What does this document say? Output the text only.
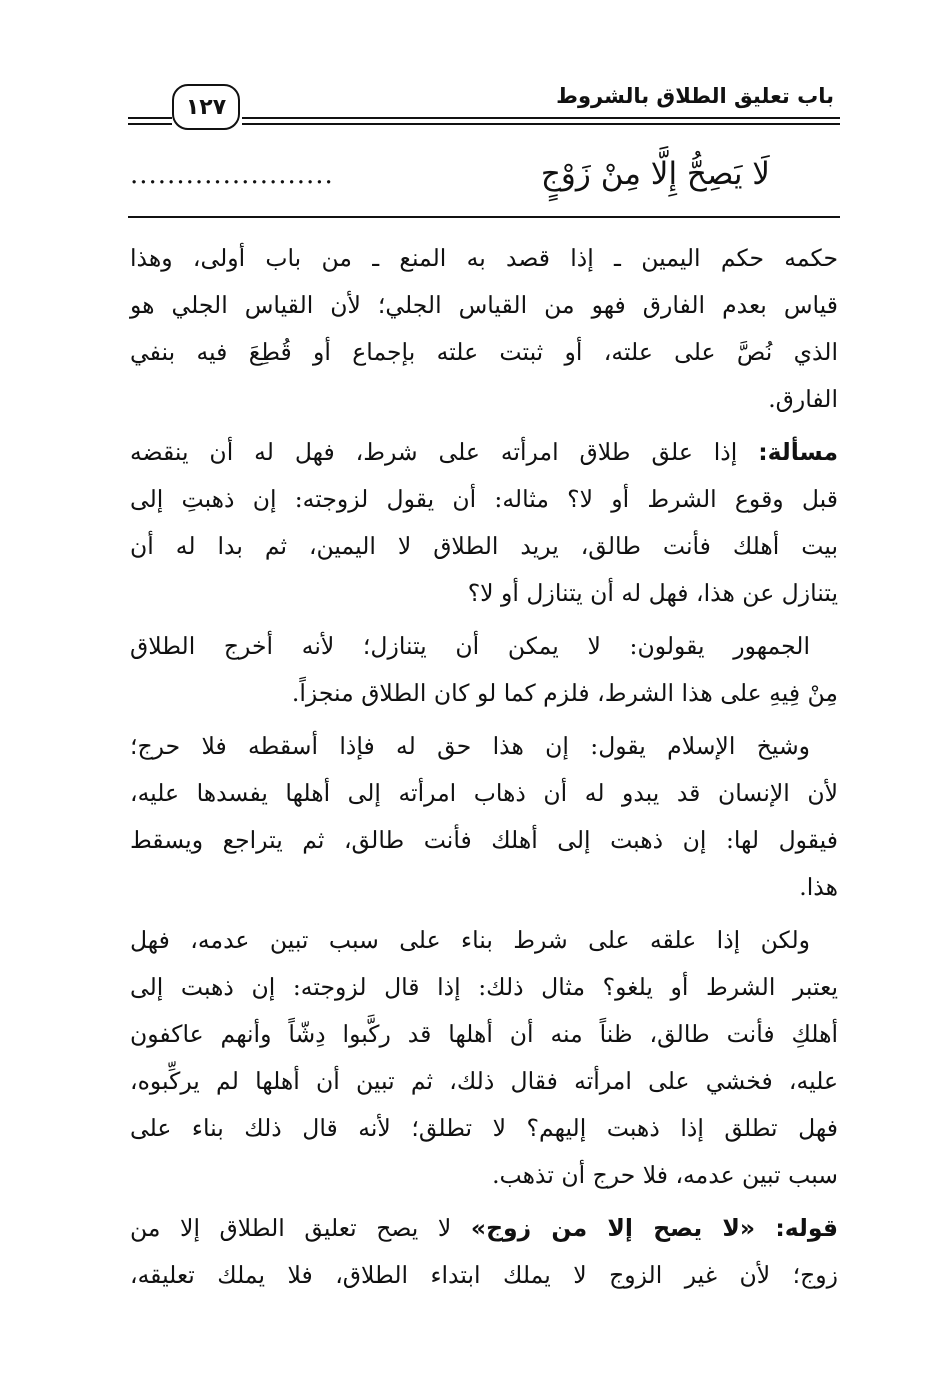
باب تعليق الطلاق بالشروط
١٢٧
لَا يَصِحُّ إِلَّا مِنْ زَوْجٍ
......................
حكمه حكم اليمين ـ إذا قصد به المنع ـ من باب أولى، وهذا
قياس بعدم الفارق فهو من القياس الجلي؛ لأن القياس الجلي هو
الذي نُصَّ على علته، أو ثبتت علته بإجماع أو قُطِعَ فيه بنفي
الفارق.
مسألة: إذا علق طلاق امرأته على شرط، فهل له أن ينقضه
قبل وقوع الشرط أو لا؟ مثاله: أن يقول لزوجته: إن ذهبتِ إلى
بيت أهلك فأنت طالق، يريد الطلاق لا اليمين، ثم بدا له أن
يتنازل عن هذا، فهل له أن يتنازل أو لا؟
الجمهور يقولون: لا يمكن أن يتنازل؛ لأنه أخرج الطلاق
مِنْ فِيهِ على هذا الشرط، فلزم كما لو كان الطلاق منجزاً.
وشيخ الإسلام يقول: إن هذا حق له فإذا أسقطه فلا حرج؛
لأن الإنسان قد يبدو له أن ذهاب امرأته إلى أهلها يفسدها عليه،
فيقول لها: إن ذهبت إلى أهلك فأنت طالق، ثم يتراجع ويسقط
هذا.
ولكن إذا علقه على شرط بناء على سبب تبين عدمه، فهل
يعتبر الشرط أو يلغو؟ مثال ذلك: إذا قال لزوجته: إن ذهبت إلى
أهلكِ فأنت طالق، ظناً منه أن أهلها قد ركَّبوا دِشّاً وأنهم عاكفون
عليه، فخشي على امرأته فقال ذلك، ثم تبين أن أهلها لم يركِّبوه،
فهل تطلق إذا ذهبت إليهم؟ لا تطلق؛ لأنه قال ذلك بناء على
سبب تبين عدمه، فلا حرج أن تذهب.
قوله: «لا يصح إلا من زوج» لا يصح تعليق الطلاق إلا من
زوج؛ لأن غير الزوج لا يملك ابتداء الطلاق، فلا يملك تعليقه،
